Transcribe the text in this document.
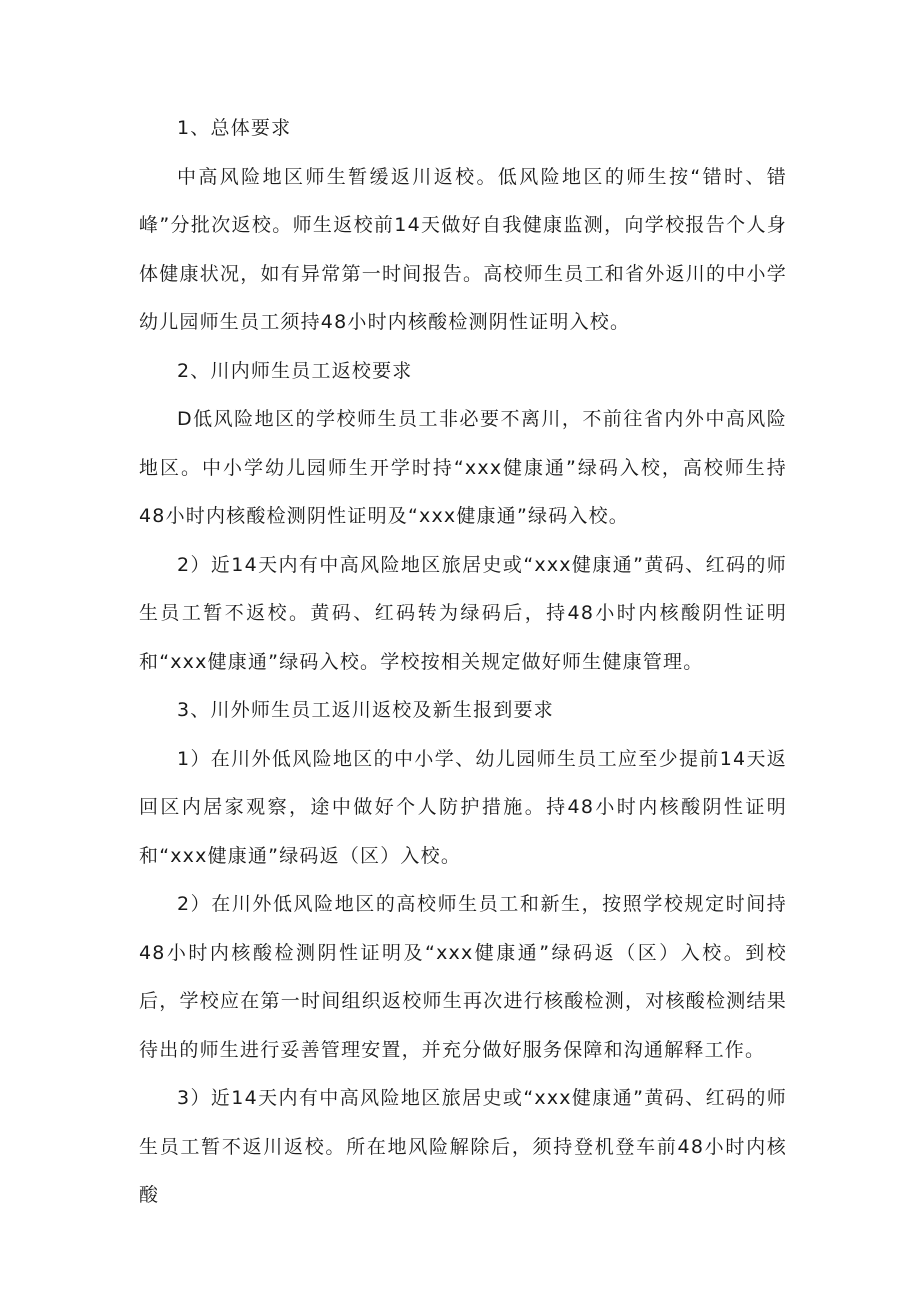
1、总体要求

中高风险地区师生暂缓返川返校。低风险地区的师生按“错时、错峰”分批次返校。师生返校前14天做好自我健康监测，向学校报告个人身体健康状况，如有异常第一时间报告。高校师生员工和省外返川的中小学幼儿园师生员工须持48小时内核酸检测阴性证明入校。

2、川内师生员工返校要求

D低风险地区的学校师生员工非必要不离川，不前往省内外中高风险地区。中小学幼儿园师生开学时持“xxx健康通”绿码入校，高校师生持48小时内核酸检测阴性证明及“xxx健康通”绿码入校。

2）近14天内有中高风险地区旅居史或“xxx健康通”黄码、红码的师生员工暂不返校。黄码、红码转为绿码后，持48小时内核酸阴性证明和“xxx健康通”绿码入校。学校按相关规定做好师生健康管理。

3、川外师生员工返川返校及新生报到要求

1）在川外低风险地区的中小学、幼儿园师生员工应至少提前14天返回区内居家观察，途中做好个人防护措施。持48小时内核酸阴性证明和“xxx健康通”绿码返（区）入校。

2）在川外低风险地区的高校师生员工和新生，按照学校规定时间持48小时内核酸检测阴性证明及“xxx健康通”绿码返（区）入校。到校后，学校应在第一时间组织返校师生再次进行核酸检测，对核酸检测结果待出的师生进行妥善管理安置，并充分做好服务保障和沟通解释工作。

3）近14天内有中高风险地区旅居史或“xxx健康通”黄码、红码的师生员工暂不返川返校。所在地风险解除后，须持登机登车前48小时内核酸
